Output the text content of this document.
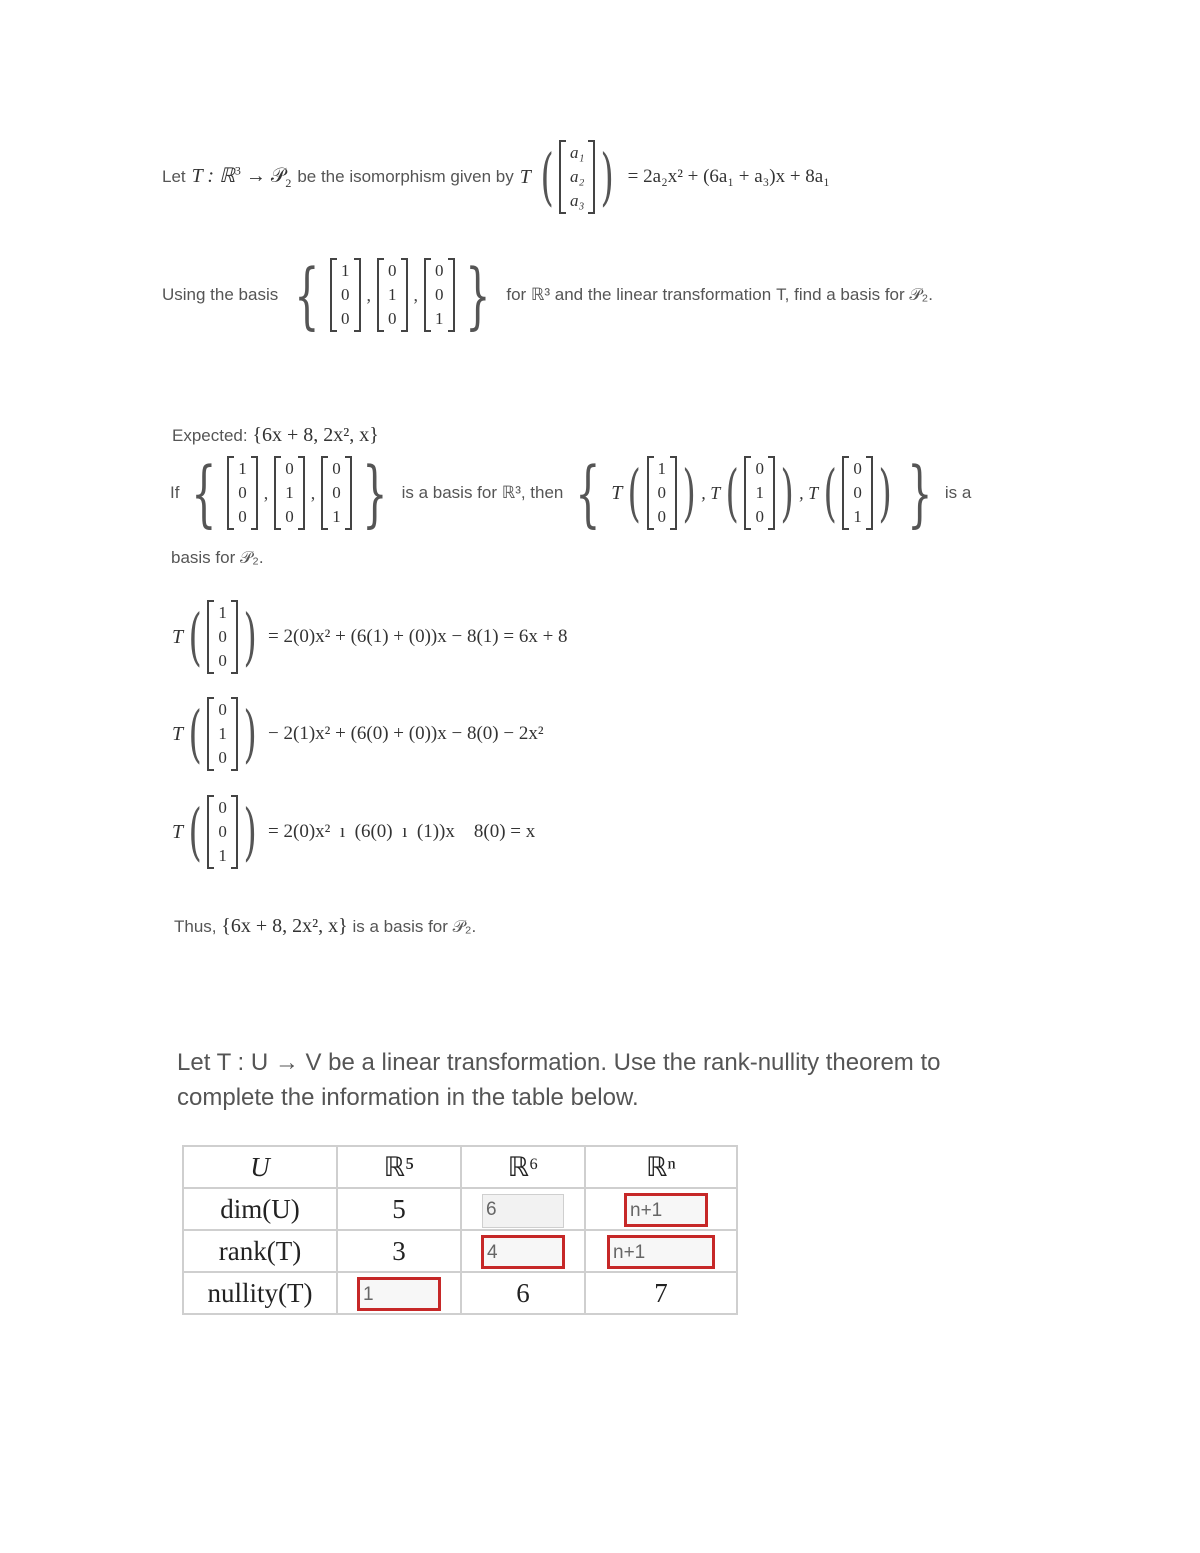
Let T : ℝ$^3$ → 𝒫$_2$ be the isomorphism given by T ( a₁
a₂
a₃ ) = 2a₂x² + (6a₁ + a₃)x + 8a₁
Using the basis { 1
0
0
,
0
1
0
,
0
0
1 } for ℝ³ and the linear transformation T, find a basis for 𝒫₂.
Expected: {6x + 8, 2x², x}
If { 1
0
0
,
0
1
0
,
0
0
1 } is a basis for ℝ³, then { T ( 1
0
0 ) , T ( 0
1
0 ) , T ( 0
0
1 ) } is a
basis for 𝒫₂.
T ( 1
0
0 ) = 2(0)x² + (6(1) + (0))x − 8(1) = 6x + 8
T ( 0
1
0 ) − 2(1)x² + (6(0) + (0))x − 8(0) − 2x²
T ( 0
0
1 ) = 2(0)x²  ı  (6(0)  ı  (1))x    8(0) = x
Thus, {6x + 8, 2x², x} is a basis for 𝒫₂.
Let T : U → V be a linear transformation. Use the rank-nullity theorem to
complete the information in the table below.
U	ℝ⁵	ℝ⁶	ℝⁿ
dim(U)	5	6	n+1
rank(T)	3	4	n+1
nullity(T)	1	6	7
